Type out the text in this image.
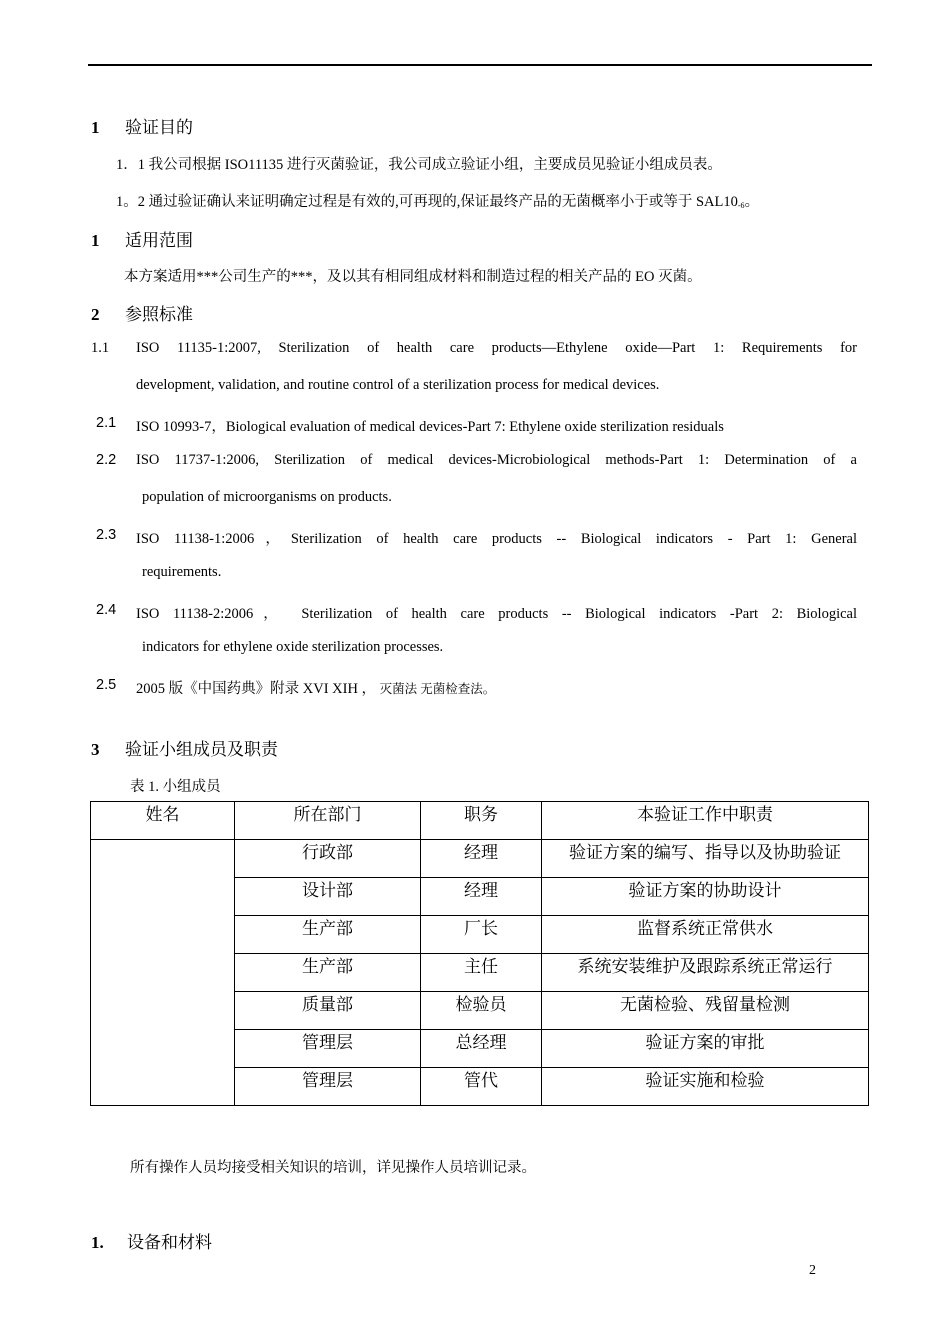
1 验证目的
1．1 我公司根据 ISO11135 进行灭菌验证，我公司成立验证小组，主要成员见验证小组成员表。
1。2 通过验证确认来证明确定过程是有效的,可再现的,保证最终产品的无菌概率小于或等于 $SAL10^{-6}$。
1 适用范围
本方案适用***公司生产的***，及以其有相同组成材料和制造过程的相关产品的 EO 灭菌。
2 参照标准
1.1 ISO 11135-1:2007, Sterilization of health care products—Ethylene oxide—Part 1: Requirements for
development, validation, and routine control of a sterilization process for medical devices.
2.1 ISO 10993-7，Biological evaluation of medical devices-Part 7: Ethylene oxide sterilization residuals
2.2 ISO 11737-1:2006, Sterilization of medical devices-Microbiological methods-Part 1: Determination of a
population of microorganisms on products.
2.3 ISO 11138-1:2006，Sterilization of health care products -- Biological indicators - Part 1: General
requirements.
2.4 ISO 11138-2:2006， Sterilization of health care products -- Biological indicators -Part 2: Biological
indicators for ethylene oxide sterilization processes.
2.5 2005 版《中国药典》附录 XVI XIH ， 灭菌法 无菌检查法。
3 验证小组成员及职责
表 1. 小组成员
姓名	所在部门	职务	本验证工作中职责
	行政部	经理	验证方案的编写、指导以及协助验证
	设计部	经理	验证方案的协助设计
	生产部	厂长	监督系统正常供水
	生产部	主任	系统安装维护及跟踪系统正常运行
	质量部	检验员	无菌检验、残留量检测
	管理层	总经理	验证方案的审批
	管理层	管代	验证实施和检验
所有操作人员均接受相关知识的培训，详见操作人员培训记录。
1. 设备和材料
2
